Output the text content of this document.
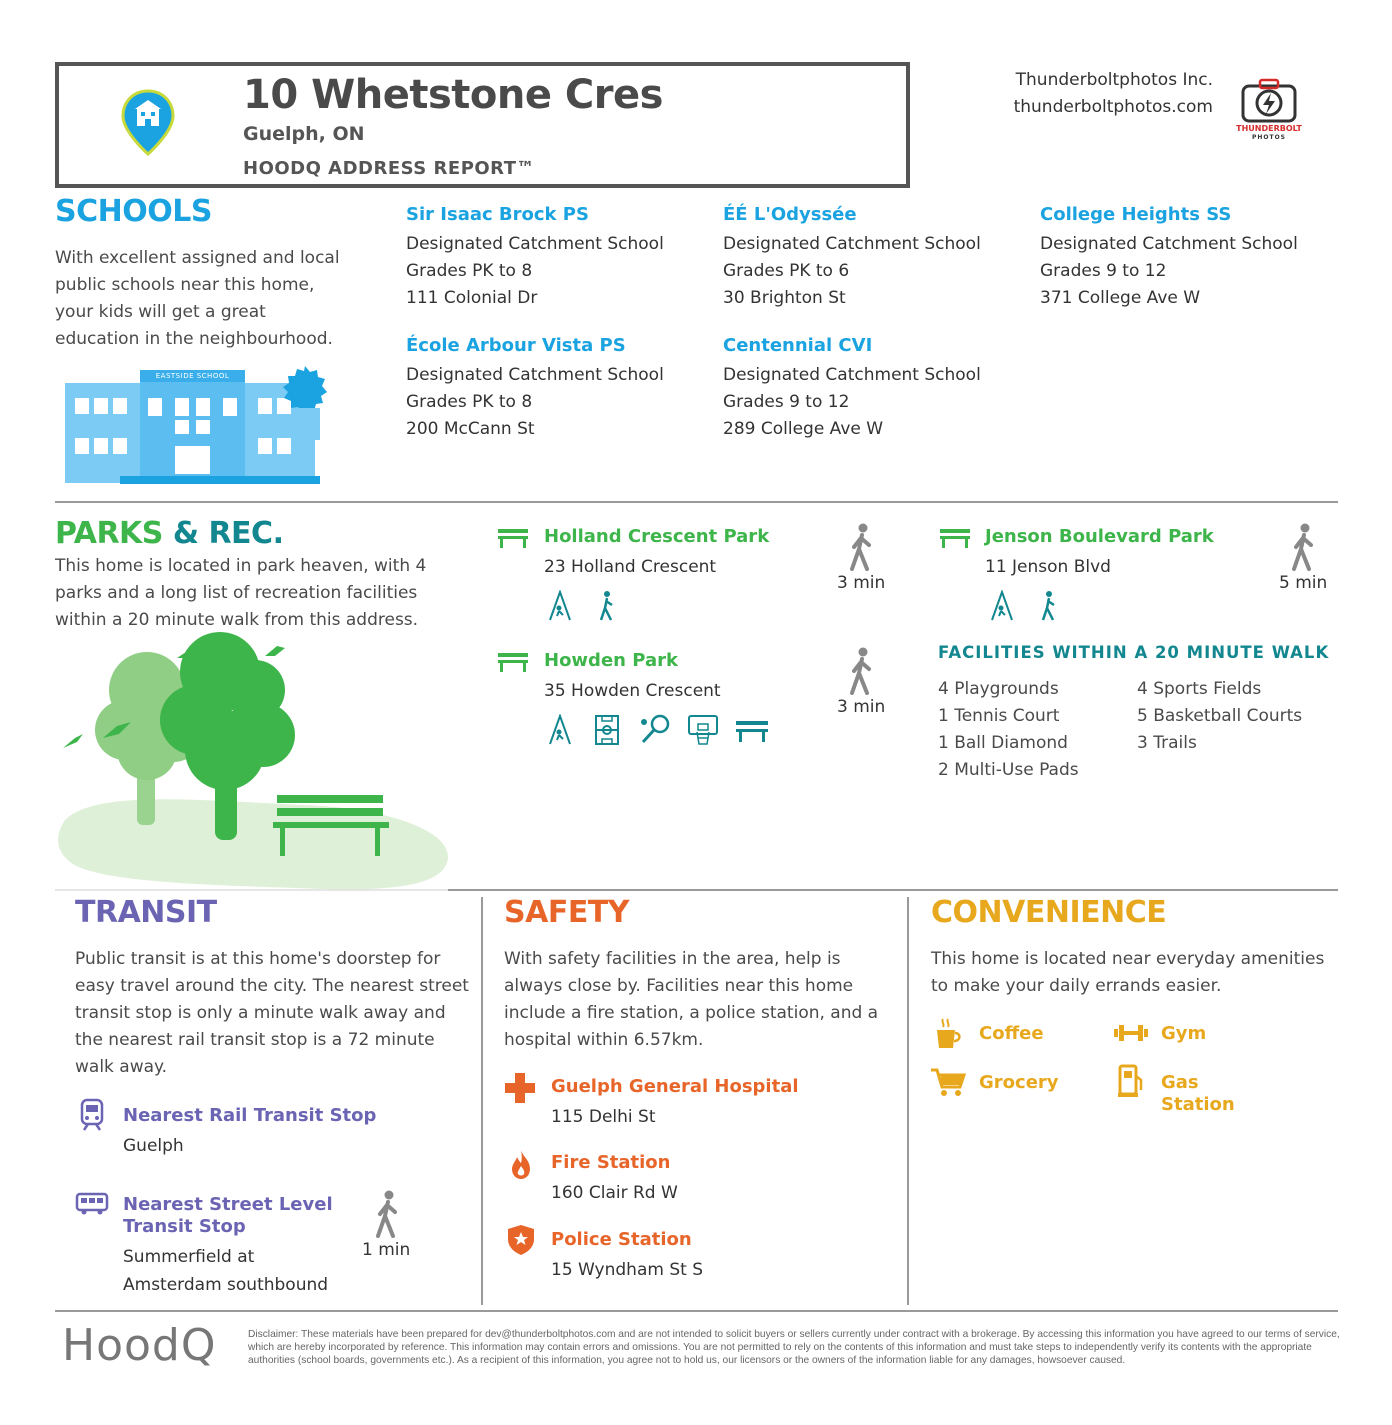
10 Whetstone Cres
Guelph, ON
HOODQ ADDRESS REPORT™
Thunderboltphotos Inc.
thunderboltphotos.com
THUNDERBOLT
PHOTOS
SCHOOLS
With excellent assigned and local public schools near this home, your kids will get a great education in the neighbourhood.
EASTSIDE SCHOOL
Sir Isaac Brock PS
Designated Catchment School
Grades PK to 8
111 Colonial Dr
ÉÉ L'Odyssée
Designated Catchment School
Grades PK to 6
30 Brighton St
College Heights SS
Designated Catchment School
Grades 9 to 12
371 College Ave W
École Arbour Vista PS
Designated Catchment School
Grades PK to 8
200 McCann St
Centennial CVI
Designated Catchment School
Grades 9 to 12
289 College Ave W
PARKS & REC.
This home is located in park heaven, with 4 parks and a long list of recreation facilities within a 20 minute walk from this address.
Holland Crescent Park
23 Holland Crescent
3 min
Jenson Boulevard Park
11 Jenson Blvd
5 min
Howden Park
35 Howden Crescent
3 min
FACILITIES WITHIN A 20 MINUTE WALK
4 Playgrounds
1 Tennis Court
1 Ball Diamond
2 Multi-Use Pads
4 Sports Fields
5 Basketball Courts
3 Trails
TRANSIT
Public transit is at this home's doorstep for easy travel around the city. The nearest street transit stop is only a minute walk away and the nearest rail transit stop is a 72 minute walk away.
Nearest Rail Transit Stop
Guelph
Nearest Street Level Transit Stop
Summerfield at Amsterdam southbound
1 min
SAFETY
With safety facilities in the area, help is always close by. Facilities near this home include a fire station, a police station, and a hospital within 6.57km.
Guelph General Hospital
115 Delhi St
Fire Station
160 Clair Rd W
Police Station
15 Wyndham St S
CONVENIENCE
This home is located near everyday amenities to make your daily errands easier.
Coffee	Gym
Grocery	Gas Station
HoodQ	Disclaimer: These materials have been prepared for dev@thunderboltphotos.com and are not intended to solicit buyers or sellers currently under contract with a brokerage. By accessing this information you have agreed to our terms of service, which are hereby incorporated by reference. This information may contain errors and omissions. You are not permitted to rely on the contents of this information and must take steps to independently verify its contents with the appropriate authorities (school boards, governments etc.). As a recipient of this information, you agree not to hold us, our licensors or the owners of the information liable for any damages, howsoever caused.
